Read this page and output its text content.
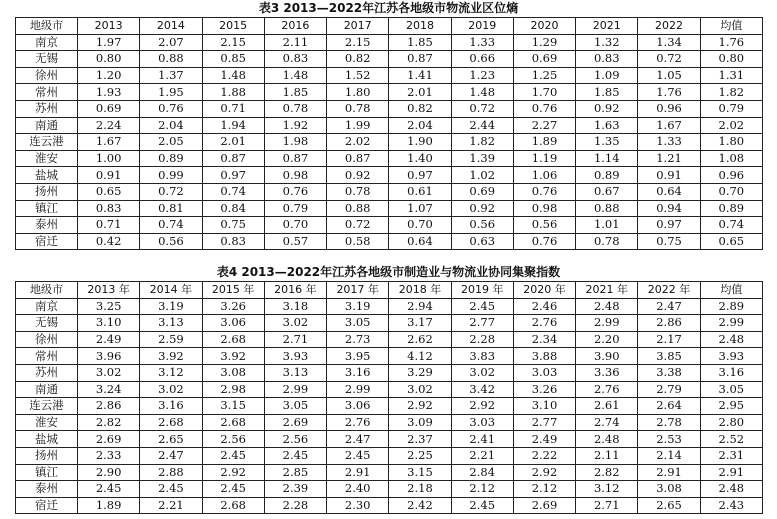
表3 2013—2022年江苏各地级市物流业区位熵
地级市	2013	2014	2015	2016	2017	2018	2019	2020	2021	2022	均值
南京	1.97	2.07	2.15	2.11	2.15	1.85	1.33	1.29	1.32	1.34	1.76
无锡	0.80	0.88	0.85	0.83	0.82	0.87	0.66	0.69	0.83	0.72	0.80
徐州	1.20	1.37	1.48	1.48	1.52	1.41	1.23	1.25	1.09	1.05	1.31
常州	1.93	1.95	1.88	1.85	1.80	2.01	1.48	1.70	1.85	1.76	1.82
苏州	0.69	0.76	0.71	0.78	0.78	0.82	0.72	0.76	0.92	0.96	0.79
南通	2.24	2.04	1.94	1.92	1.99	2.04	2.44	2.27	1.63	1.67	2.02
连云港	1.67	2.05	2.01	1.98	2.02	1.90	1.82	1.89	1.35	1.33	1.80
淮安	1.00	0.89	0.87	0.87	0.87	1.40	1.39	1.19	1.14	1.21	1.08
盐城	0.91	0.99	0.97	0.98	0.92	0.97	1.02	1.06	0.89	0.91	0.96
扬州	0.65	0.72	0.74	0.76	0.78	0.61	0.69	0.76	0.67	0.64	0.70
镇江	0.83	0.81	0.84	0.79	0.88	1.07	0.92	0.98	0.88	0.94	0.89
泰州	0.71	0.74	0.75	0.70	0.72	0.70	0.56	0.56	1.01	0.97	0.74
宿迁	0.42	0.56	0.83	0.57	0.58	0.64	0.63	0.76	0.78	0.75	0.65
表4 2013—2022年江苏各地级市制造业与物流业协同集聚指数
地级市	2013 年	2014 年	2015 年	2016 年	2017 年	2018 年	2019 年	2020 年	2021 年	2022 年	均值
南京	3.25	3.19	3.26	3.18	3.19	2.94	2.45	2.46	2.48	2.47	2.89
无锡	3.10	3.13	3.06	3.02	3.05	3.17	2.77	2.76	2.99	2.86	2.99
徐州	2.49	2.59	2.68	2.71	2.73	2.62	2.28	2.34	2.20	2.17	2.48
常州	3.96	3.92	3.92	3.93	3.95	4.12	3.83	3.88	3.90	3.85	3.93
苏州	3.02	3.12	3.08	3.13	3.16	3.29	3.02	3.03	3.36	3.38	3.16
南通	3.24	3.02	2.98	2.99	2.99	3.02	3.42	3.26	2.76	2.79	3.05
连云港	2.86	3.16	3.15	3.05	3.06	2.92	2.92	3.10	2.61	2.64	2.95
淮安	2.82	2.68	2.68	2.69	2.76	3.09	3.03	2.77	2.74	2.78	2.80
盐城	2.69	2.65	2.56	2.56	2.47	2.37	2.41	2.49	2.48	2.53	2.52
扬州	2.33	2.47	2.45	2.45	2.45	2.25	2.21	2.22	2.11	2.14	2.31
镇江	2.90	2.88	2.92	2.85	2.91	3.15	2.84	2.92	2.82	2.91	2.91
泰州	2.45	2.45	2.45	2.39	2.40	2.18	2.12	2.12	3.12	3.08	2.48
宿迁	1.89	2.21	2.68	2.28	2.30	2.42	2.45	2.69	2.71	2.65	2.43
